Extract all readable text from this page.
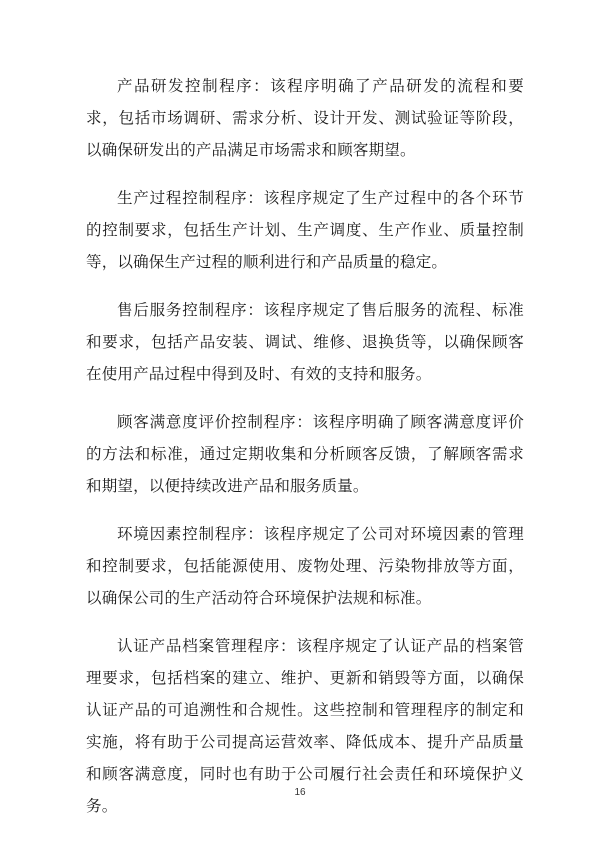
产品研发控制程序：该程序明确了产品研发的流程和要求，包括市场调研、需求分析、设计开发、测试验证等阶段，以确保研发出的产品满足市场需求和顾客期望。

生产过程控制程序：该程序规定了生产过程中的各个环节的控制要求，包括生产计划、生产调度、生产作业、质量控制等，以确保生产过程的顺利进行和产品质量的稳定。

售后服务控制程序：该程序规定了售后服务的流程、标准和要求，包括产品安装、调试、维修、退换货等，以确保顾客在使用产品过程中得到及时、有效的支持和服务。

顾客满意度评价控制程序：该程序明确了顾客满意度评价的方法和标准，通过定期收集和分析顾客反馈，了解顾客需求和期望，以便持续改进产品和服务质量。

环境因素控制程序：该程序规定了公司对环境因素的管理和控制要求，包括能源使用、废物处理、污染物排放等方面，以确保公司的生产活动符合环境保护法规和标准。

认证产品档案管理程序：该程序规定了认证产品的档案管理要求，包括档案的建立、维护、更新和销毁等方面，以确保认证产品的可追溯性和合规性。这些控制和管理程序的制定和实施，将有助于公司提高运营效率、降低成本、提升产品质量和顾客满意度，同时也有助于公司履行社会责任和环境保护义务。

16
